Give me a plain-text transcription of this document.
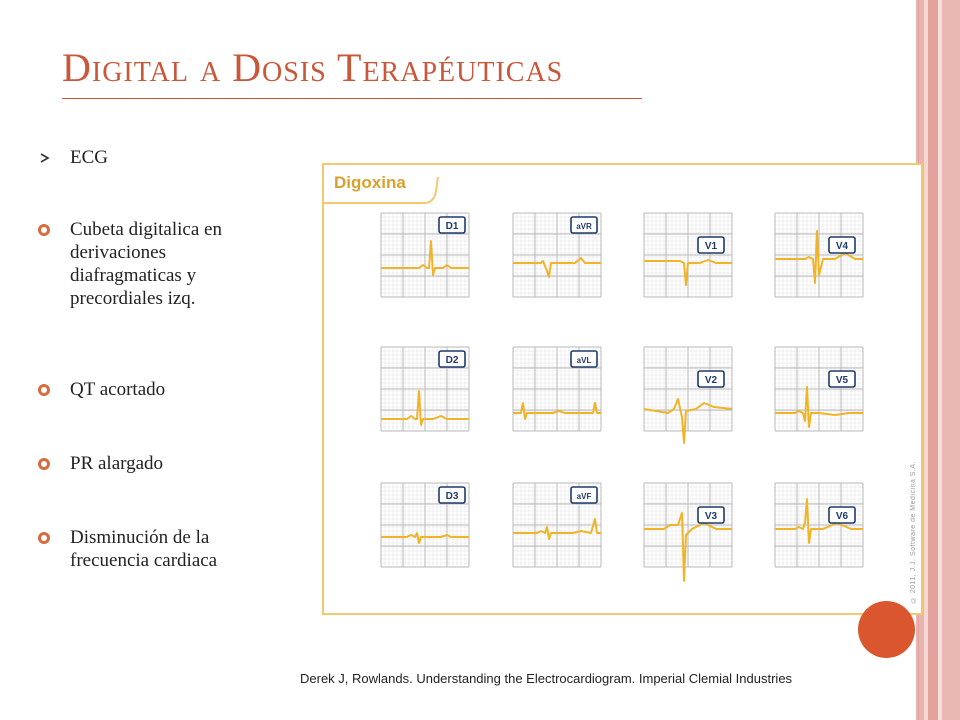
Digital a Dosis Terapéuticas
ECG
Cubeta digitalica en
derivaciones
diafragmaticas y
precordiales izq.
QT acortado
PR alargado
Disminución de la
frecuencia cardiaca
Digoxina
D1	aVR
V1	V4
D2	aVL
V2	V5
D3	aVF
V3	V6	© 2011, J.J. Software de Medicina S.A.
Derek J, Rowlands. Understanding the Electrocardiogram. Imperial Clemial Industries
